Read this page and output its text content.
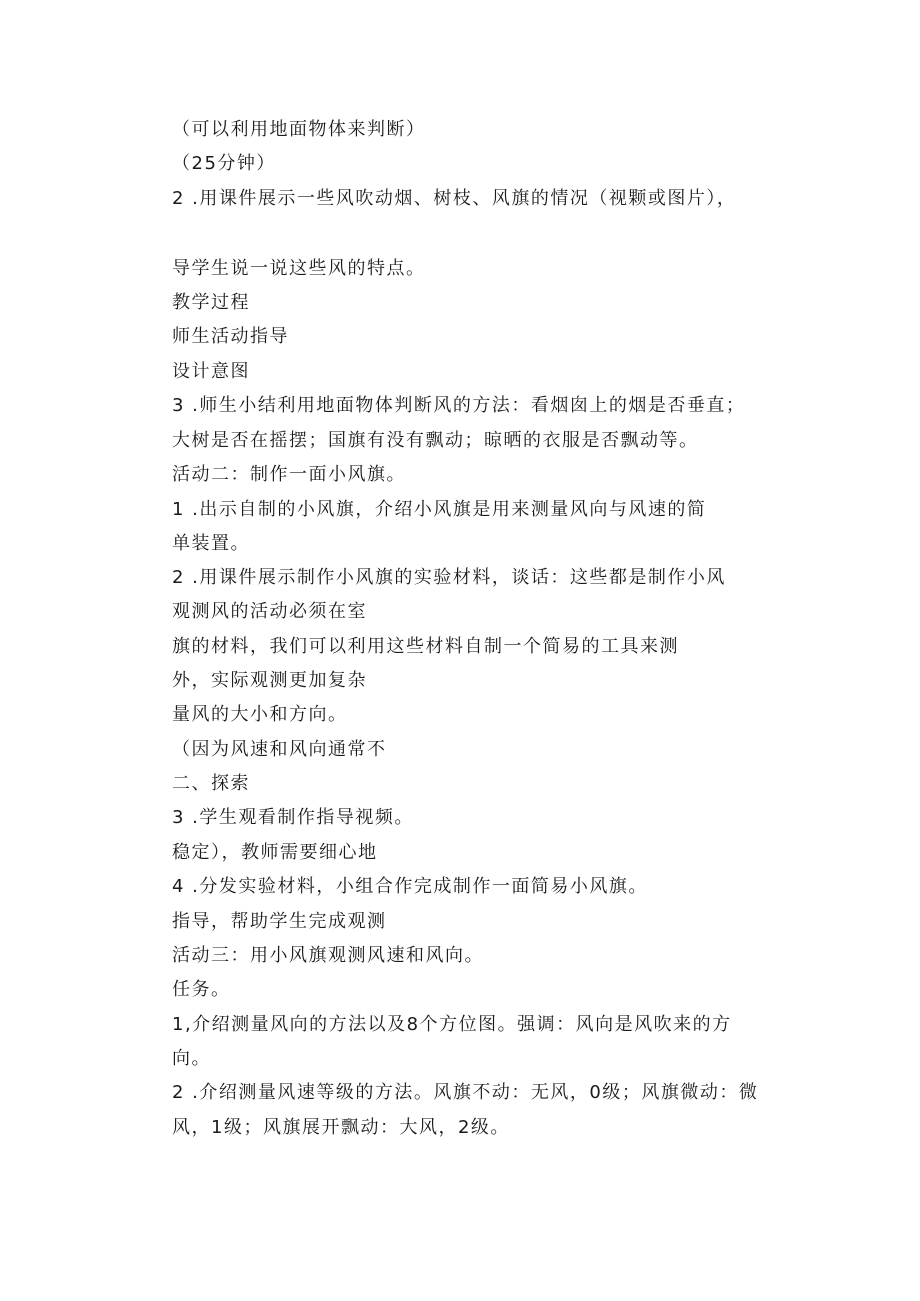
（可以利用地面物体来判断）
（25分钟）
2 .用课件展示一些风吹动烟、树枝、风旗的情况（视颗或图片），
导学生说一说这些风的特点。
教学过程
师生活动指导
设计意图
3 .师生小结利用地面物体判断风的方法：看烟囱上的烟是否垂直；
大树是否在摇摆；国旗有没有飘动；晾晒的衣服是否飘动等。
活动二：制作一面小风旗。
1 .出示自制的小风旗，介绍小风旗是用来测量风向与风速的简
单装置。
2 .用课件展示制作小风旗的实验材料，谈话：这些都是制作小风
观测风的活动必须在室
旗的材料，我们可以利用这些材料自制一个简易的工具来测
外，实际观测更加复杂
量风的大小和方向。
（因为风速和风向通常不
二、探索
3 .学生观看制作指导视频。
稳定），教师需要细心地
4 .分发实验材料，小组合作完成制作一面简易小风旗。
指导，帮助学生完成观测
活动三：用小风旗观测风速和风向。
任务。
1,介绍测量风向的方法以及8个方位图。强调：风向是风吹来的方
向。
2 .介绍测量风速等级的方法。风旗不动：无风，0级；风旗微动：微
风，1级；风旗展开飘动：大风，2级。
